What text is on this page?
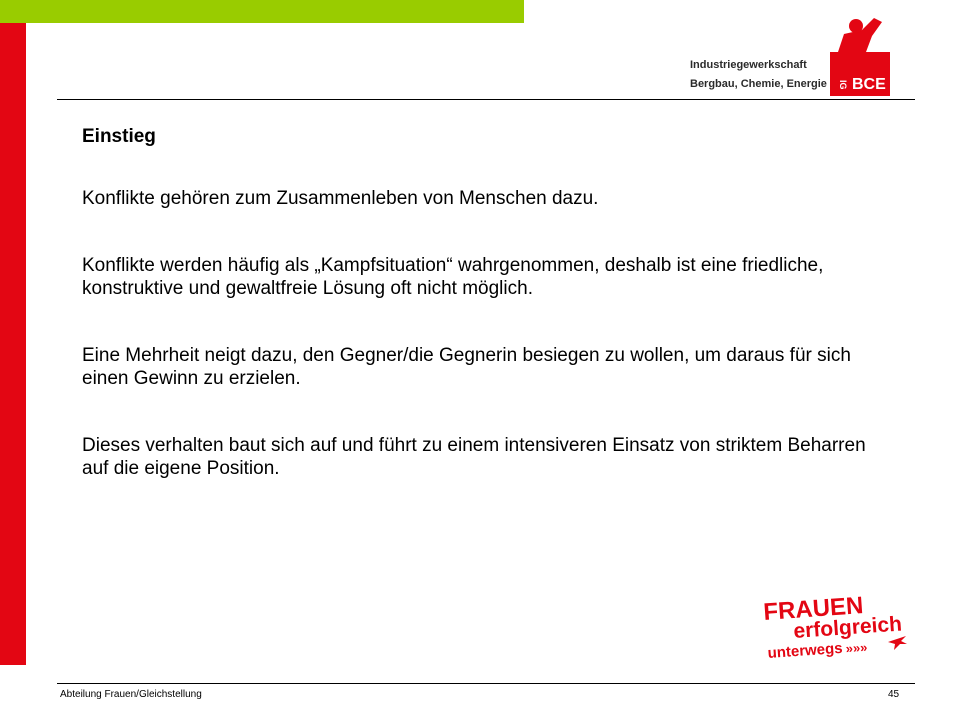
Industriegewerkschaft
Bergbau, Chemie, Energie IG BCE

Einstieg

Konflikte gehören zum Zusammenleben von Menschen dazu.

Konflikte werden häufig als „Kampfsituation“ wahrgenommen, deshalb ist eine friedliche, konstruktive und gewaltfreie Lösung oft nicht möglich.

Eine Mehrheit neigt dazu, den Gegner/die Gegnerin besiegen zu wollen, um daraus für sich einen Gewinn zu erzielen.

Dieses verhalten baut sich auf und führt zu einem intensiveren Einsatz von striktem Beharren auf die eigene Position.

FRAUEN
erfolgreich
unterwegs »»»
Abteilung Frauen/Gleichstellung	45
